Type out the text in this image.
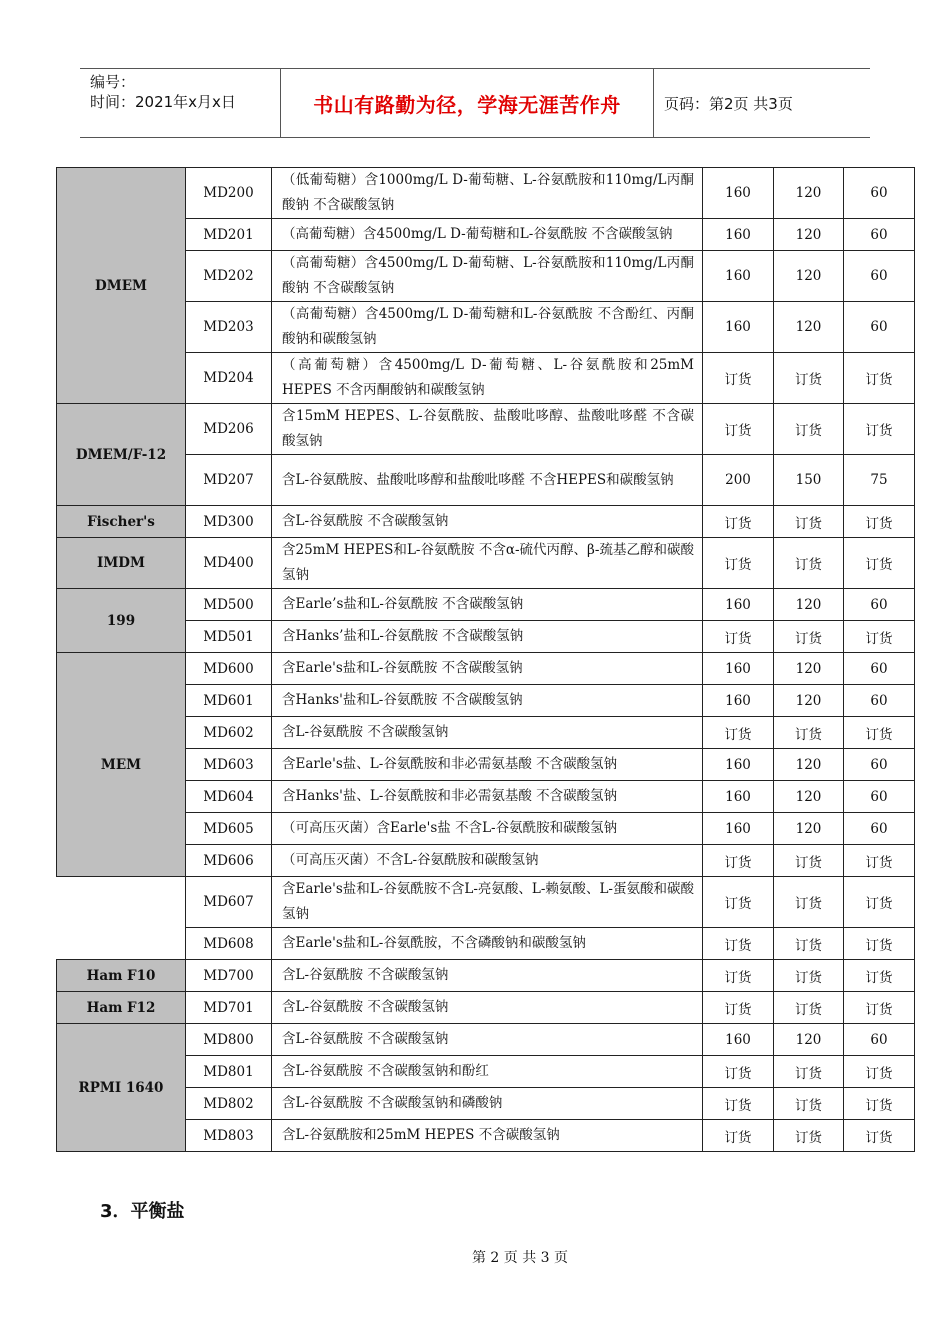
编号：
时间：2021年x月x日	书山有路勤为径，学海无涯苦作舟	页码：第2页 共3页
DMEM	MD200	（低葡萄糖）含1000mg/L D-葡萄糖、L-谷氨酰胺和110mg/L丙酮酸钠 不含碳酸氢钠	160	120	60
	MD201	（高葡萄糖）含4500mg/L D-葡萄糖和L-谷氨酰胺 不含碳酸氢钠	160	120	60
	MD202	（高葡萄糖）含4500mg/L D-葡萄糖、L-谷氨酰胺和110mg/L丙酮酸钠 不含碳酸氢钠	160	120	60
	MD203	（高葡萄糖）含4500mg/L D-葡萄糖和L-谷氨酰胺 不含酚红、丙酮酸钠和碳酸氢钠	160	120	60
	MD204	（高葡萄糖）含4500mg/L D-葡萄糖、L-谷氨酰胺和25mM HEPES 不含丙酮酸钠和碳酸氢钠	订货	订货	订货
DMEM/F-12	MD206	含15mM HEPES、L-谷氨酰胺、盐酸吡哆醇、盐酸吡哆醛 不含碳酸氢钠	订货	订货	订货
	MD207	含L-谷氨酰胺、盐酸吡哆醇和盐酸吡哆醛 不含HEPES和碳酸氢钠	200	150	75
Fischer's	MD300	含L-谷氨酰胺 不含碳酸氢钠	订货	订货	订货
IMDM	MD400	含25mM HEPES和L-谷氨酰胺 不含α-硫代丙醇、β-巯基乙醇和碳酸氢钠	订货	订货	订货
199	MD500	含Earle’s盐和L-谷氨酰胺 不含碳酸氢钠	160	120	60
	MD501	含Hanks’盐和L-谷氨酰胺 不含碳酸氢钠	订货	订货	订货
MEM	MD600	含Earle's盐和L-谷氨酰胺 不含碳酸氢钠	160	120	60
	MD601	含Hanks'盐和L-谷氨酰胺 不含碳酸氢钠	160	120	60
	MD602	含L-谷氨酰胺 不含碳酸氢钠	订货	订货	订货
	MD603	含Earle's盐、L-谷氨酰胺和非必需氨基酸 不含碳酸氢钠	160	120	60
	MD604	含Hanks'盐、L-谷氨酰胺和非必需氨基酸 不含碳酸氢钠	160	120	60
	MD605	（可高压灭菌）含Earle's盐 不含L-谷氨酰胺和碳酸氢钠	160	120	60
	MD606	（可高压灭菌）不含L-谷氨酰胺和碳酸氢钠	订货	订货	订货
	MD607	含Earle's盐和L-谷氨酰胺不含L-亮氨酸、L-赖氨酸、L-蛋氨酸和碳酸氢钠	订货	订货	订货
	MD608	含Earle's盐和L-谷氨酰胺，不含磷酸钠和碳酸氢钠	订货	订货	订货
Ham F10	MD700	含L-谷氨酰胺 不含碳酸氢钠	订货	订货	订货
Ham F12	MD701	含L-谷氨酰胺 不含碳酸氢钠	订货	订货	订货
RPMI 1640	MD800	含L-谷氨酰胺 不含碳酸氢钠	160	120	60
	MD801	含L-谷氨酰胺 不含碳酸氢钠和酚红	订货	订货	订货
	MD802	含L-谷氨酰胺 不含碳酸氢钠和磷酸钠	订货	订货	订货
	MD803	含L-谷氨酰胺和25mM HEPES 不含碳酸氢钠	订货	订货	订货
3．平衡盐
第 2 页 共 3 页
